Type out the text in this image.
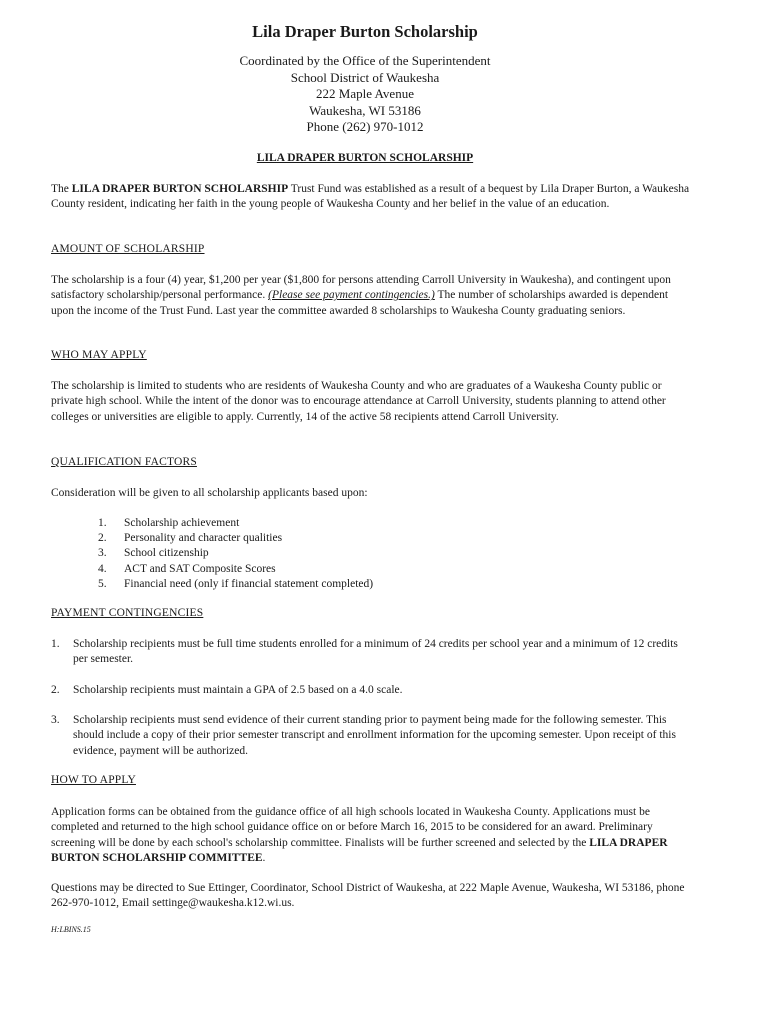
Lila Draper Burton Scholarship
Coordinated by the Office of the Superintendent
School District of Waukesha
222 Maple Avenue
Waukesha, WI 53186
Phone (262) 970-1012
LILA DRAPER BURTON SCHOLARSHIP
The LILA DRAPER BURTON SCHOLARSHIP Trust Fund was established as a result of a bequest by Lila Draper Burton, a Waukesha County resident, indicating her faith in the young people of Waukesha County and her belief in the value of an education.
AMOUNT OF SCHOLARSHIP
The scholarship is a four (4) year, $1,200 per year ($1,800 for persons attending Carroll University in Waukesha), and contingent upon satisfactory scholarship/personal performance. (Please see payment contingencies.) The number of scholarships awarded is dependent upon the income of the Trust Fund. Last year the committee awarded 8 scholarships to Waukesha County graduating seniors.
WHO MAY APPLY
The scholarship is limited to students who are residents of Waukesha County and who are graduates of a Waukesha County public or private high school. While the intent of the donor was to encourage attendance at Carroll University, students planning to attend other colleges or universities are eligible to apply. Currently, 14 of the active 58 recipients attend Carroll University.
QUALIFICATION FACTORS
Consideration will be given to all scholarship applicants based upon:
1.	Scholarship achievement
2.	Personality and character qualities
3.	School citizenship
4.	ACT and SAT Composite Scores
5.	Financial need (only if financial statement completed)
PAYMENT CONTINGENCIES
1.	Scholarship recipients must be full time students enrolled for a minimum of 24 credits per school year and a minimum of 12 credits per semester.
2.	Scholarship recipients must maintain a GPA of 2.5 based on a 4.0 scale.
3.	Scholarship recipients must send evidence of their current standing prior to payment being made for the following semester. This should include a copy of their prior semester transcript and enrollment information for the upcoming semester. Upon receipt of this evidence, payment will be authorized.
HOW TO APPLY
Application forms can be obtained from the guidance office of all high schools located in Waukesha County. Applications must be completed and returned to the high school guidance office on or before March 16, 2015 to be considered for an award. Preliminary screening will be done by each school's scholarship committee. Finalists will be further screened and selected by the LILA DRAPER BURTON SCHOLARSHIP COMMITTEE.
Questions may be directed to Sue Ettinger, Coordinator, School District of Waukesha, at 222 Maple Avenue, Waukesha, WI 53186, phone 262-970-1012, Email settinge@waukesha.k12.wi.us.
H:LBINS.15
